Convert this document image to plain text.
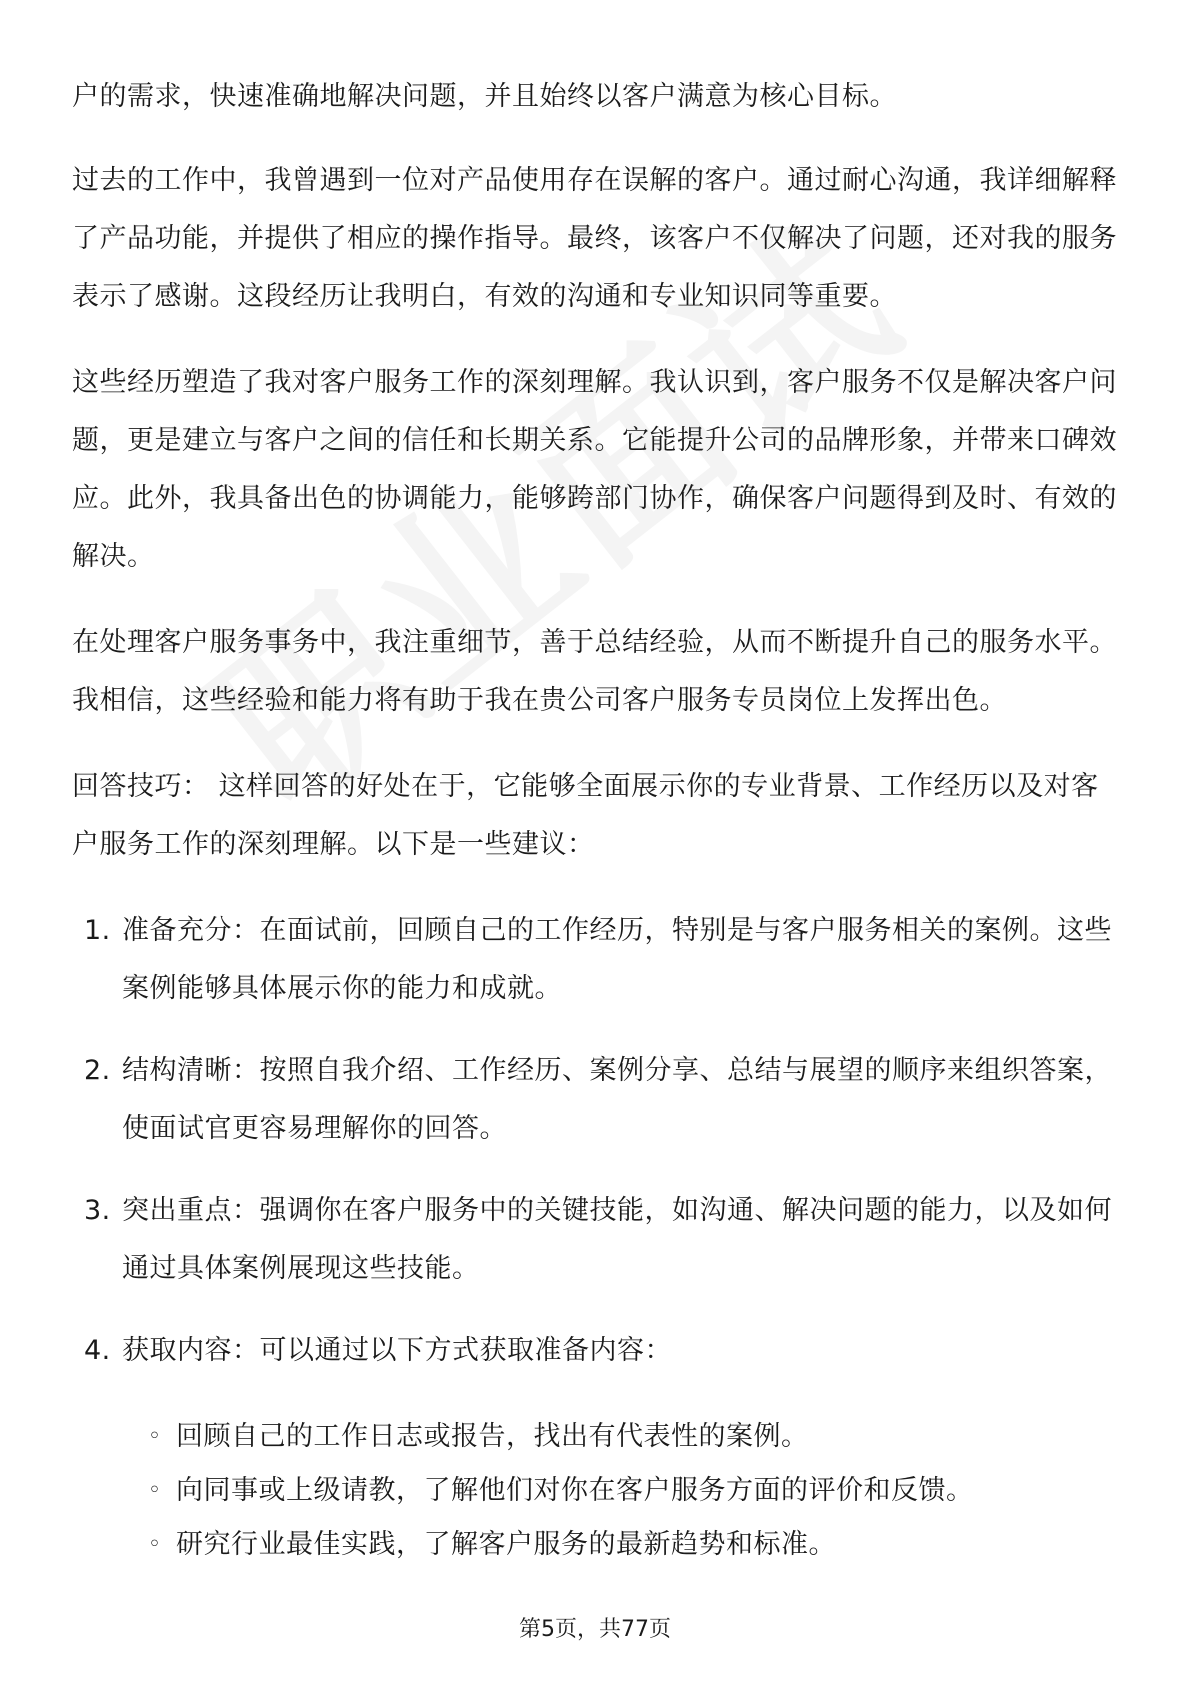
户的需求，快速准确地解决问题，并且始终以客户满意为核心目标。

过去的工作中，我曾遇到一位对产品使用存在误解的客户。通过耐心沟通，我详细解释了产品功能，并提供了相应的操作指导。最终，该客户不仅解决了问题，还对我的服务表示了感谢。这段经历让我明白，有效的沟通和专业知识同等重要。

这些经历塑造了我对客户服务工作的深刻理解。我认识到，客户服务不仅是解决客户问题，更是建立与客户之间的信任和长期关系。它能提升公司的品牌形象，并带来口碑效应。此外，我具备出色的协调能力，能够跨部门协作，确保客户问题得到及时、有效的解决。

在处理客户服务事务中，我注重细节，善于总结经验，从而不断提升自己的服务水平。我相信，这些经验和能力将有助于我在贵公司客户服务专员岗位上发挥出色。

回答技巧： 这样回答的好处在于，它能够全面展示你的专业背景、工作经历以及对客户服务工作的深刻理解。以下是一些建议：

1. 准备充分：在面试前，回顾自己的工作经历，特别是与客户服务相关的案例。这些案例能够具体展示你的能力和成就。
2. 结构清晰：按照自我介绍、工作经历、案例分享、总结与展望的顺序来组织答案，使面试官更容易理解你的回答。
3. 突出重点：强调你在客户服务中的关键技能，如沟通、解决问题的能力，以及如何通过具体案例展现这些技能。
4. 获取内容：可以通过以下方式获取准备内容：
◦ 回顾自己的工作日志或报告，找出有代表性的案例。
◦ 向同事或上级请教，了解他们对你在客户服务方面的评价和反馈。
◦ 研究行业最佳实践，了解客户服务的最新趋势和标准。
第5页，共77页
